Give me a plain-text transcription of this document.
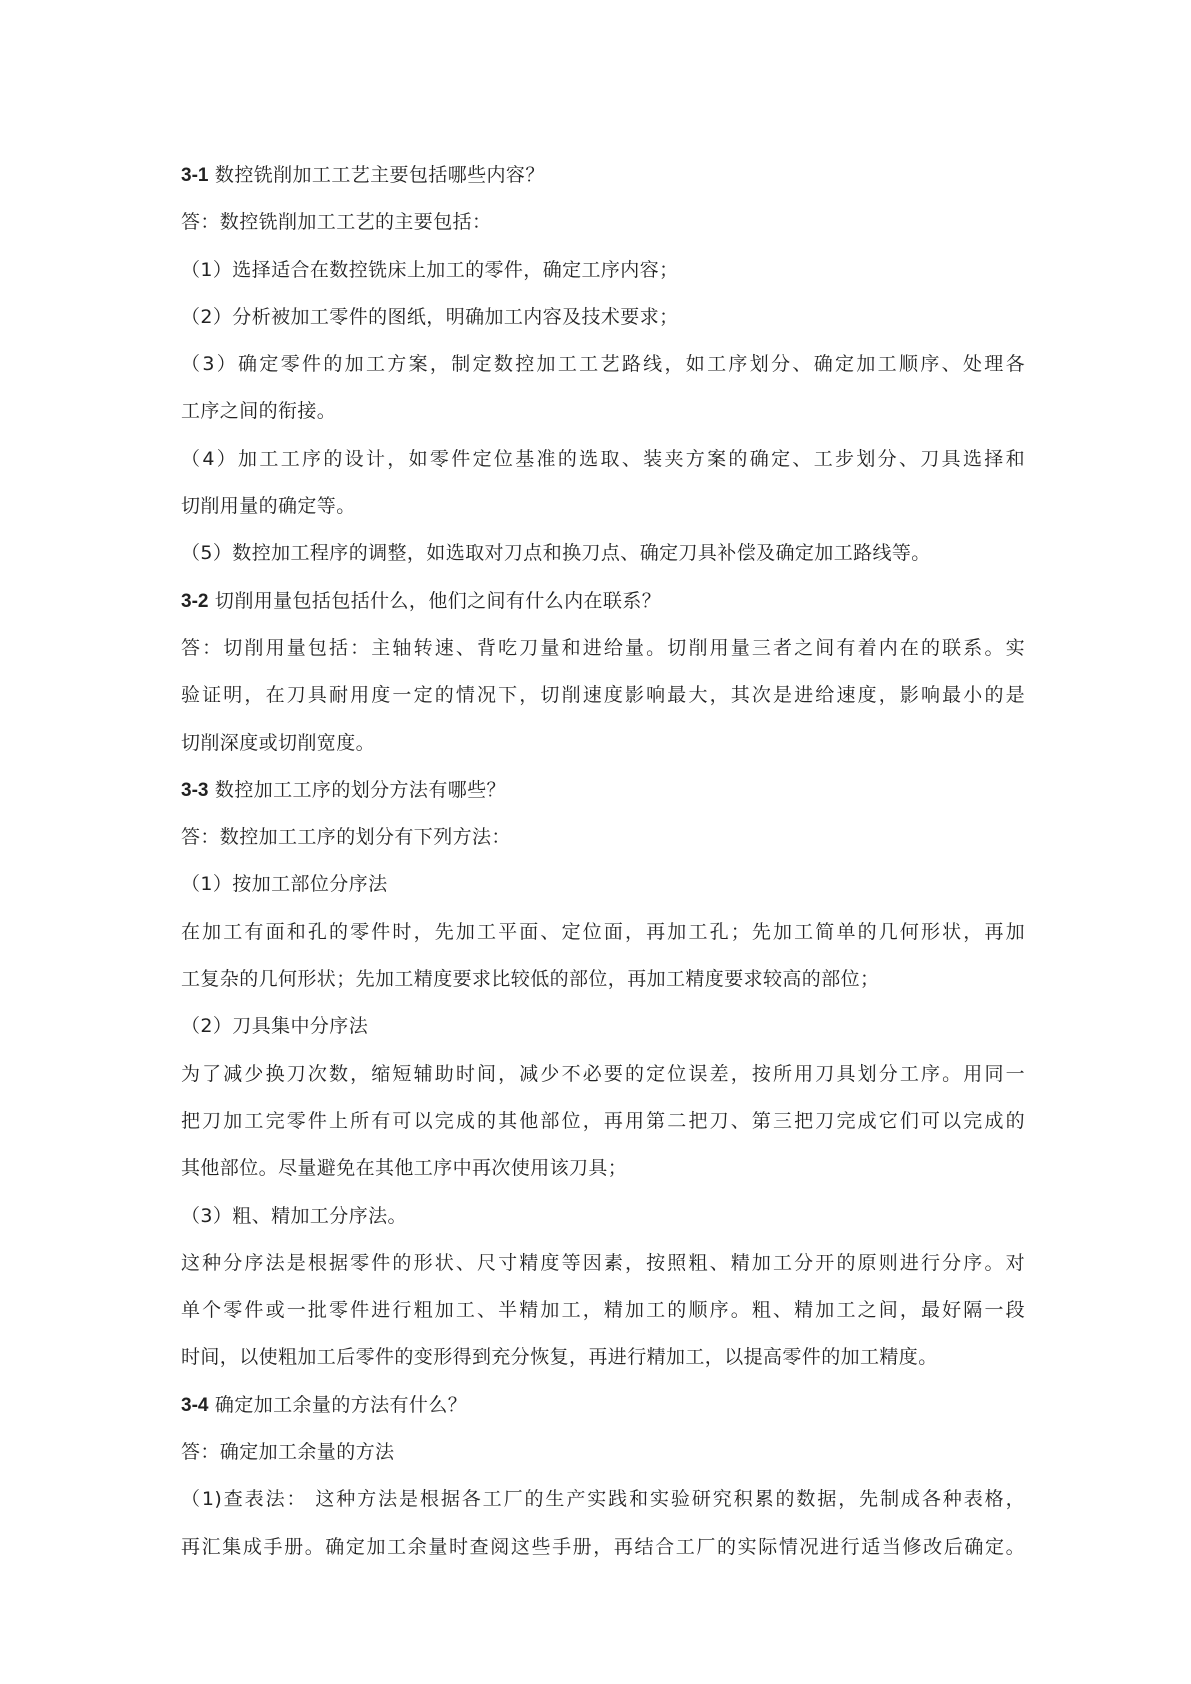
3-1 数控铣削加工工艺主要包括哪些内容？
答：数控铣削加工工艺的主要包括：
（1）选择适合在数控铣床上加工的零件，确定工序内容；
（2）分析被加工零件的图纸，明确加工内容及技术要求；
（3）确定零件的加工方案，制定数控加工工艺路线，如工序划分、确定加工顺序、处理各
工序之间的衔接。
（4）加工工序的设计，如零件定位基准的选取、装夹方案的确定、工步划分、刀具选择和
切削用量的确定等。
（5）数控加工程序的调整，如选取对刀点和换刀点、确定刀具补偿及确定加工路线等。
3-2 切削用量包括包括什么，他们之间有什么内在联系？
答：切削用量包括：主轴转速、背吃刀量和进给量。切削用量三者之间有着内在的联系。实
验证明，在刀具耐用度一定的情况下，切削速度影响最大，其次是进给速度，影响最小的是
切削深度或切削宽度。
3-3 数控加工工序的划分方法有哪些？
答：数控加工工序的划分有下列方法：
（1）按加工部位分序法
在加工有面和孔的零件时，先加工平面、定位面，再加工孔；先加工简单的几何形状，再加
工复杂的几何形状；先加工精度要求比较低的部位，再加工精度要求较高的部位；
（2）刀具集中分序法
为了减少换刀次数，缩短辅助时间，减少不必要的定位误差，按所用刀具划分工序。用同一
把刀加工完零件上所有可以完成的其他部位，再用第二把刀、第三把刀完成它们可以完成的
其他部位。尽量避免在其他工序中再次使用该刀具；
（3）粗、精加工分序法。
这种分序法是根据零件的形状、尺寸精度等因素，按照粗、精加工分开的原则进行分序。对
单个零件或一批零件进行粗加工、半精加工，精加工的顺序。粗、精加工之间，最好隔一段
时间，以使粗加工后零件的变形得到充分恢复，再进行精加工，以提高零件的加工精度。
3-4 确定加工余量的方法有什么？
答：确定加工余量的方法
（1)查表法： 这种方法是根据各工厂的生产实践和实验研究积累的数据，先制成各种表格，
再汇集成手册。确定加工余量时查阅这些手册，再结合工厂的实际情况进行适当修改后确定。
